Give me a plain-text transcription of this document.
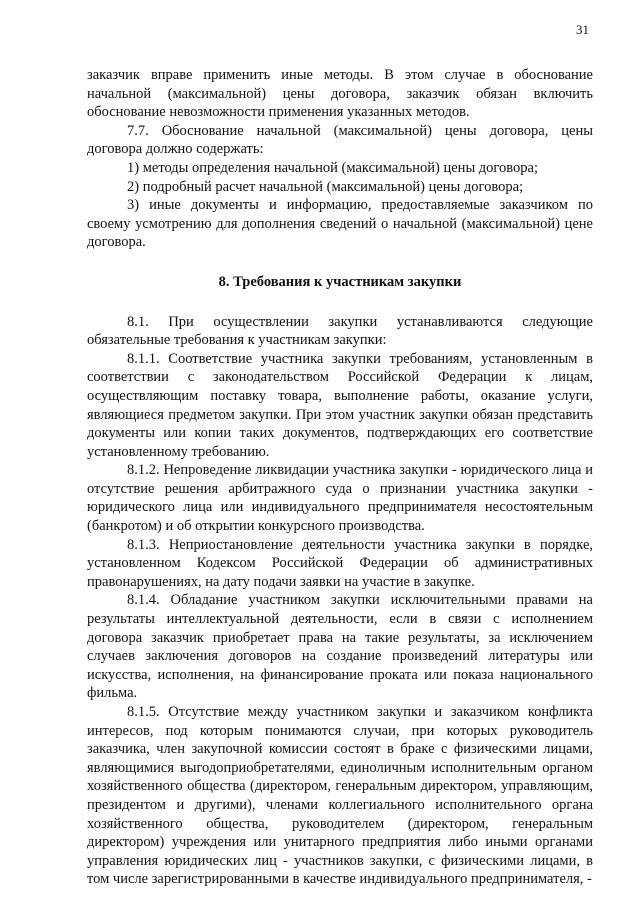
31

заказчик вправе применить иные методы. В этом случае в обоснование начальной (максимальной) цены договора, заказчик обязан включить обоснование невозможности применения указанных методов.

7.7. Обоснование начальной (максимальной) цены договора, цены договора должно содержать:

1) методы определения начальной (максимальной) цены договора;

2) подробный расчет начальной (максимальной) цены договора;

3) иные документы и информацию, предоставляемые заказчиком по своему усмотрению для дополнения сведений о начальной (максимальной) цене договора.

8. Требования к участникам закупки

8.1. При осуществлении закупки устанавливаются следующие обязательные требования к участникам закупки:

8.1.1. Соответствие участника закупки требованиям, установленным в соответствии с законодательством Российской Федерации к лицам, осуществляющим поставку товара, выполнение работы, оказание услуги, являющиеся предметом закупки. При этом участник закупки обязан представить документы или копии таких документов, подтверждающих его соответствие установленному требованию.

8.1.2. Непроведение ликвидации участника закупки - юридического лица и отсутствие решения арбитражного суда о признании участника закупки - юридического лица или индивидуального предпринимателя несостоятельным (банкротом) и об открытии конкурсного производства.

8.1.3. Неприостановление деятельности участника закупки в порядке, установленном Кодексом Российской Федерации об административных правонарушениях, на дату подачи заявки на участие в закупке.

8.1.4. Обладание участником закупки исключительными правами на результаты интеллектуальной деятельности, если в связи с исполнением договора заказчик приобретает права на такие результаты, за исключением случаев заключения договоров на создание произведений литературы или искусства, исполнения, на финансирование проката или показа национального фильма.

8.1.5. Отсутствие между участником закупки и заказчиком конфликта интересов, под которым понимаются случаи, при которых руководитель заказчика, член закупочной комиссии состоят в браке с физическими лицами, являющимися выгодоприобретателями, единоличным исполнительным органом хозяйственного общества (директором, генеральным директором, управляющим, президентом и другими), членами коллегиального исполнительного органа хозяйственного общества, руководителем (директором, генеральным директором) учреждения или унитарного предприятия либо иными органами управления юридических лиц - участников закупки, с физическими лицами, в том числе зарегистрированными в качестве индивидуального предпринимателя, -
